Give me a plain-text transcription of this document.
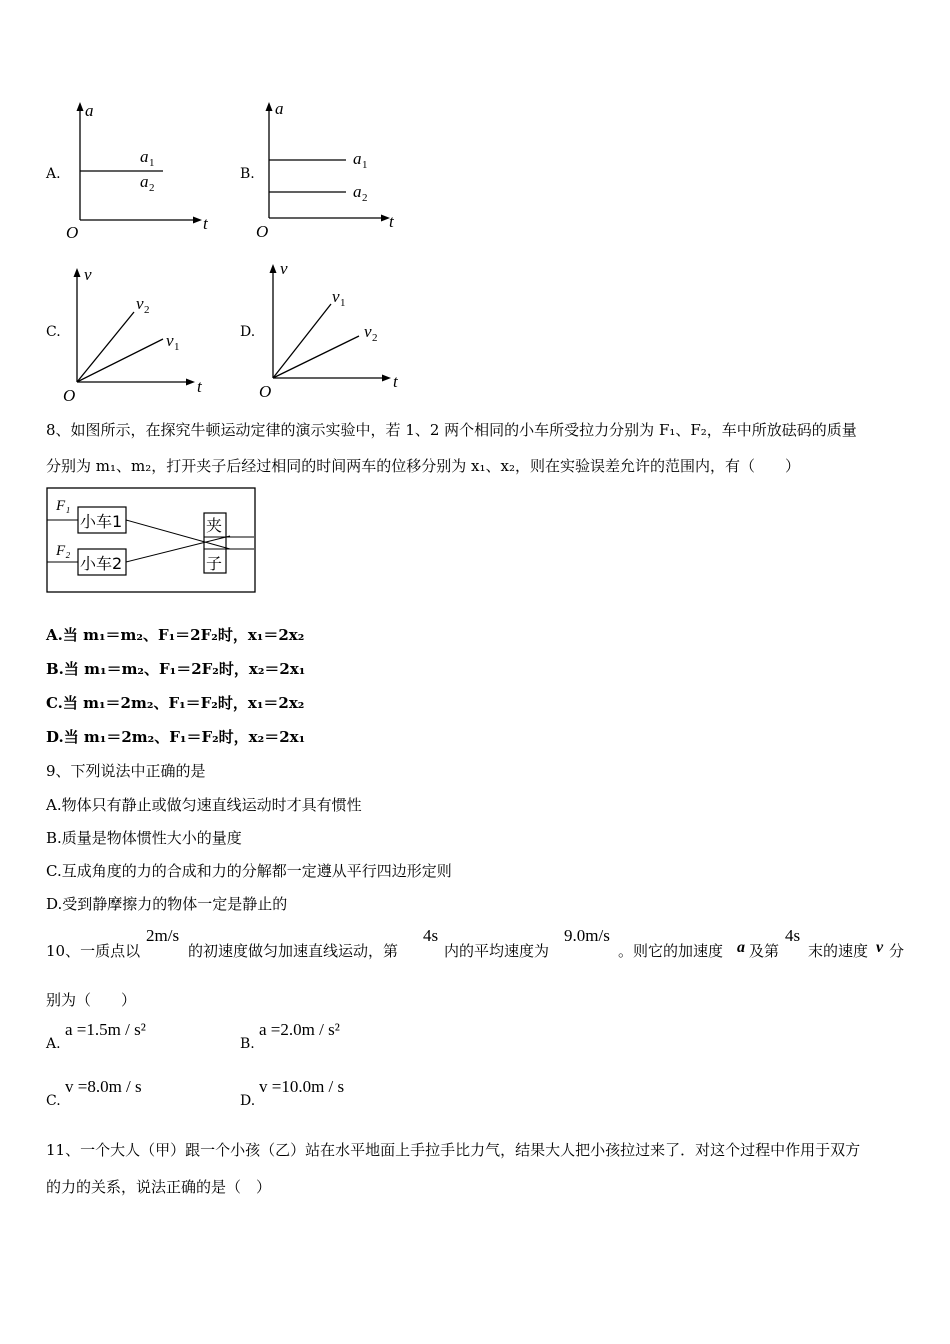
A.
a
t
O
a 1
a 2
B.
a
t
O
a 1
a 2
C.
v
t
O
v 2
v 1
D.
v
t
O
v 1
v 2
8、如图所示，在探究牛顿运动定律的演示实验中，若 1、2 两个相同的小车所受拉力分别为 F₁、F₂，车中所放砝码的质量
分别为 m₁、m₂，打开夹子后经过相同的时间两车的位移分别为 x₁、x₂，则在实验误差允许的范围内，有（　　）
F₁
F₂
小车1
小车2
夹
子
A.当 m₁＝m₂、F₁＝2F₂时，x₁＝2x₂
B.当 m₁＝m₂、F₁＝2F₂时，x₂＝2x₁
C.当 m₁＝2m₂、F₁＝F₂时，x₁＝2x₂
D.当 m₁＝2m₂、F₁＝F₂时，x₂＝2x₁
9、下列说法中正确的是
A.物体只有静止或做匀速直线运动时才具有惯性
B.质量是物体惯性大小的量度
C.互成角度的力的合成和力的分解都一定遵从平行四边形定则
D.受到静摩擦力的物体一定是静止的
10、一质点以
2m/s
的初速度做匀加速直线运动，第
4s
内的平均速度为
9.0m/s
。则它的加速度 a 及第
4s
末的速度 v 分
别为（　　）
A.
a =1.5m / s²
B.
a =2.0m / s²
C.
v =8.0m / s
D.
v =10.0m / s
11、一个大人（甲）跟一个小孩（乙）站在水平地面上手拉手比力气，结果大人把小孩拉过来了．对这个过程中作用于双方
的力的关系，说法正确的是（　）
